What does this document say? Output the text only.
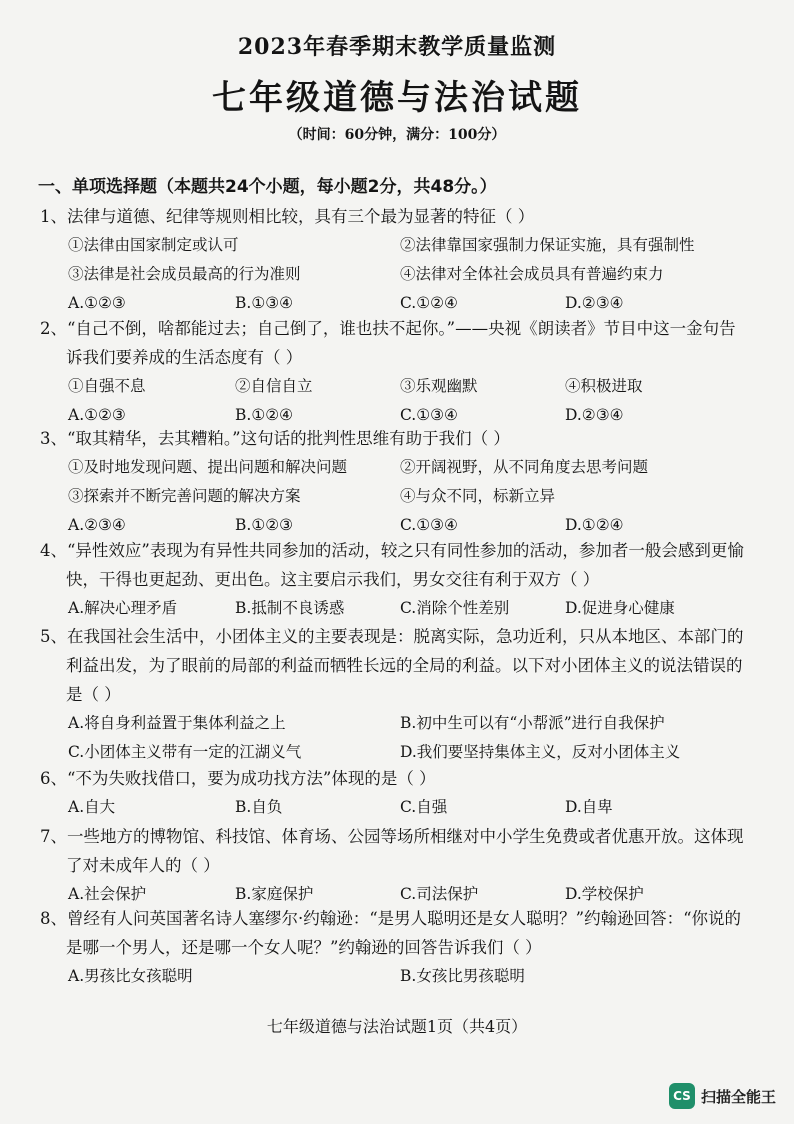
2023年春季期末教学质量监测
七年级道德与法治试题
（时间：60分钟，满分：100分）
一、单项选择题（本题共24个小题，每小题2分，共48分。）
1、法律与道德、纪律等规则相比较，具有三个最为显著的特征（ ）
①法律由国家制定或认可	②法律靠国家强制力保证实施，具有强制性
③法律是社会成员最高的行为准则	④法律对全体社会成员具有普遍约束力
A.①②③	B.①③④	C.①②④	D.②③④
2、“自己不倒，啥都能过去；自己倒了，谁也扶不起你。”——央视《朗读者》节目中这一金句告诉我们要养成的生活态度有（ ）
①自强不息	②自信自立	③乐观幽默	④积极进取
A.①②③	B.①②④	C.①③④	D.②③④
3、“取其精华，去其糟粕。”这句话的批判性思维有助于我们（ ）
①及时地发现问题、提出问题和解决问题	②开阔视野，从不同角度去思考问题
③探索并不断完善问题的解决方案	④与众不同，标新立异
A.②③④	B.①②③	C.①③④	D.①②④
4、“异性效应”表现为有异性共同参加的活动，较之只有同性参加的活动，参加者一般会感到更愉快，干得也更起劲、更出色。这主要启示我们，男女交往有利于双方（ ）
A.解决心理矛盾	B.抵制不良诱惑	C.消除个性差别	D.促进身心健康
5、在我国社会生活中，小团体主义的主要表现是：脱离实际，急功近利，只从本地区、本部门的利益出发，为了眼前的局部的利益而牺牲长远的全局的利益。以下对小团体主义的说法错误的是（ ）
A.将自身利益置于集体利益之上	B.初中生可以有“小帮派”进行自我保护
C.小团体主义带有一定的江湖义气	D.我们要坚持集体主义，反对小团体主义
6、“不为失败找借口，要为成功找方法”体现的是（ ）
A.自大	B.自负	C.自强	D.自卑
7、一些地方的博物馆、科技馆、体育场、公园等场所相继对中小学生免费或者优惠开放。这体现了对未成年人的（ ）
A.社会保护	B.家庭保护	C.司法保护	D.学校保护
8、曾经有人问英国著名诗人塞缪尔·约翰逊：“是男人聪明还是女人聪明？”约翰逊回答：“你说的是哪一个男人，还是哪一个女人呢？”约翰逊的回答告诉我们（ ）
A.男孩比女孩聪明	B.女孩比男孩聪明
七年级道德与法治试题1页（共4页）
CS 扫描全能王
